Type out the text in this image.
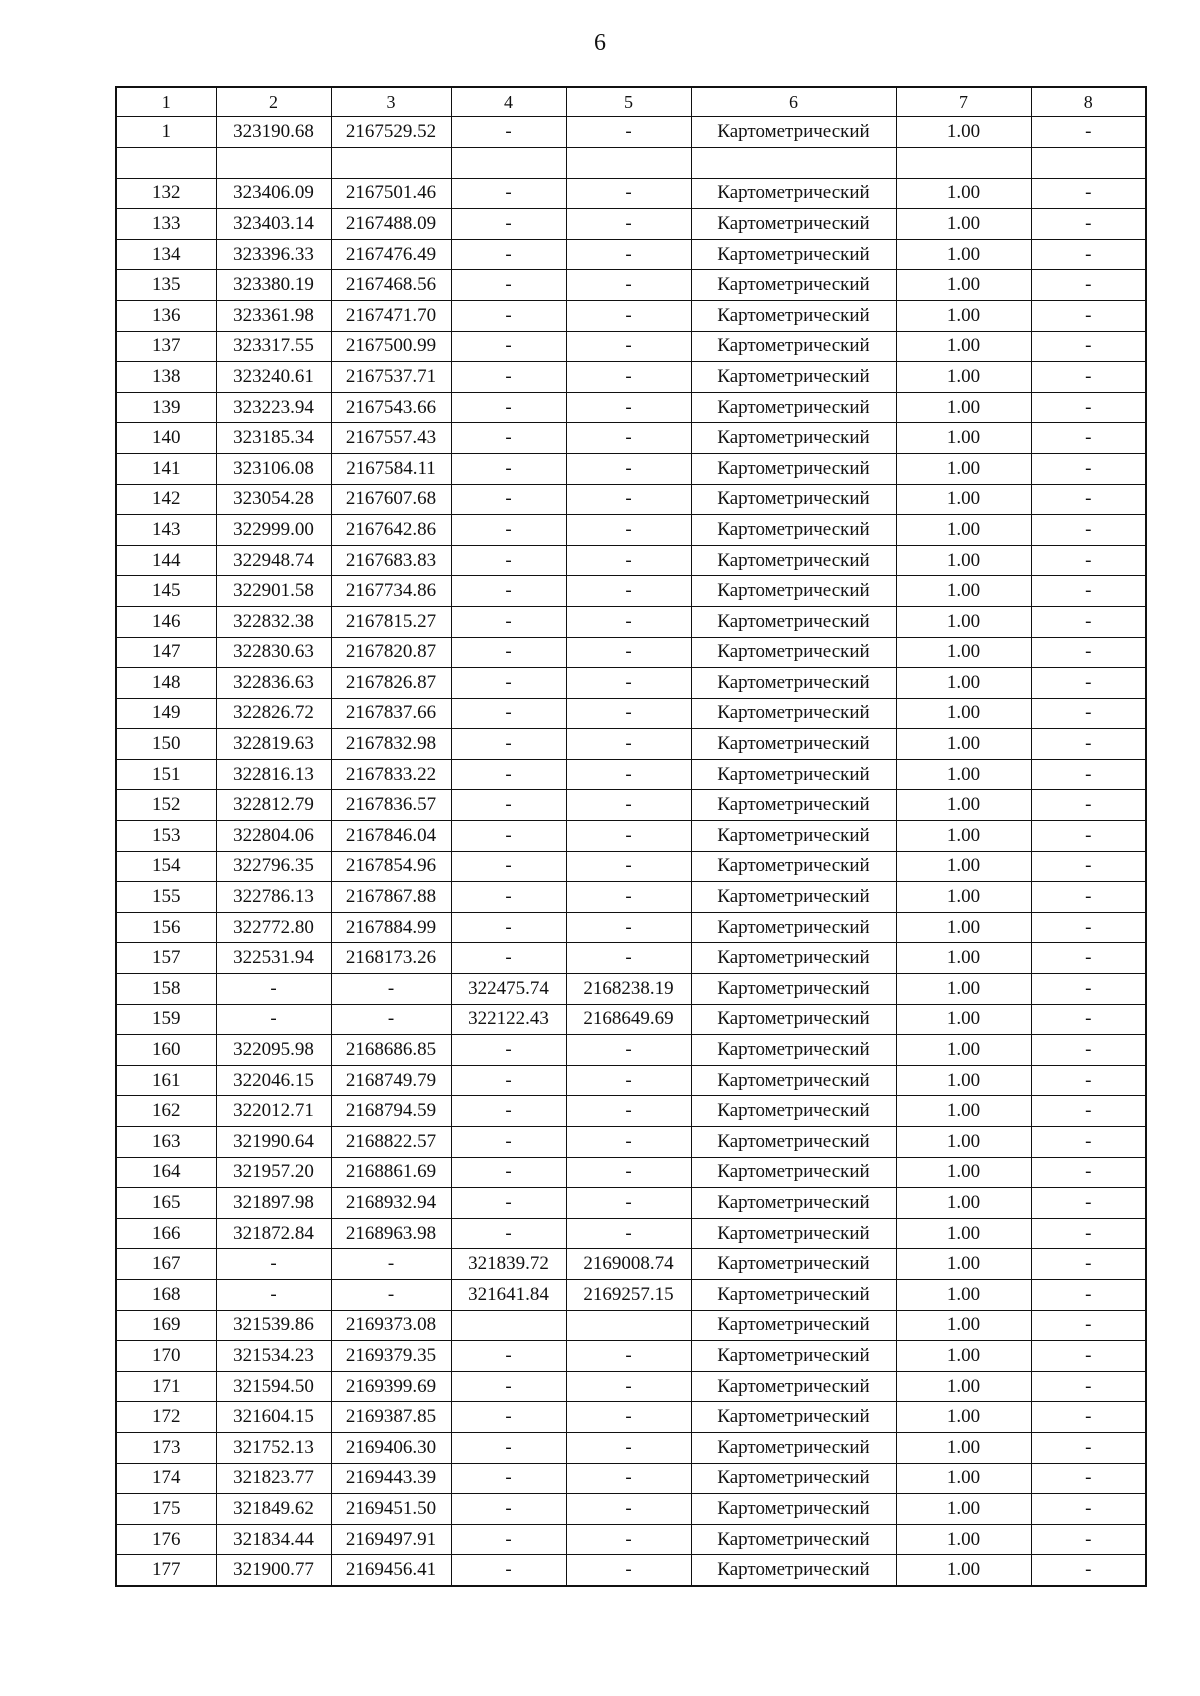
6
1	2	3	4	5	6	7	8
1	323190.68	2167529.52	-	-	Картометрический	1.00	-

132	323406.09	2167501.46	-	-	Картометрический	1.00	-
133	323403.14	2167488.09	-	-	Картометрический	1.00	-
134	323396.33	2167476.49	-	-	Картометрический	1.00	-
135	323380.19	2167468.56	-	-	Картометрический	1.00	-
136	323361.98	2167471.70	-	-	Картометрический	1.00	-
137	323317.55	2167500.99	-	-	Картометрический	1.00	-
138	323240.61	2167537.71	-	-	Картометрический	1.00	-
139	323223.94	2167543.66	-	-	Картометрический	1.00	-
140	323185.34	2167557.43	-	-	Картометрический	1.00	-
141	323106.08	2167584.11	-	-	Картометрический	1.00	-
142	323054.28	2167607.68	-	-	Картометрический	1.00	-
143	322999.00	2167642.86	-	-	Картометрический	1.00	-
144	322948.74	2167683.83	-	-	Картометрический	1.00	-
145	322901.58	2167734.86	-	-	Картометрический	1.00	-
146	322832.38	2167815.27	-	-	Картометрический	1.00	-
147	322830.63	2167820.87	-	-	Картометрический	1.00	-
148	322836.63	2167826.87	-	-	Картометрический	1.00	-
149	322826.72	2167837.66	-	-	Картометрический	1.00	-
150	322819.63	2167832.98	-	-	Картометрический	1.00	-
151	322816.13	2167833.22	-	-	Картометрический	1.00	-
152	322812.79	2167836.57	-	-	Картометрический	1.00	-
153	322804.06	2167846.04	-	-	Картометрический	1.00	-
154	322796.35	2167854.96	-	-	Картометрический	1.00	-
155	322786.13	2167867.88	-	-	Картометрический	1.00	-
156	322772.80	2167884.99	-	-	Картометрический	1.00	-
157	322531.94	2168173.26	-	-	Картометрический	1.00	-
158	-	-	322475.74	2168238.19	Картометрический	1.00	-
159	-	-	322122.43	2168649.69	Картометрический	1.00	-
160	322095.98	2168686.85	-	-	Картометрический	1.00	-
161	322046.15	2168749.79	-	-	Картометрический	1.00	-
162	322012.71	2168794.59	-	-	Картометрический	1.00	-
163	321990.64	2168822.57	-	-	Картометрический	1.00	-
164	321957.20	2168861.69	-	-	Картометрический	1.00	-
165	321897.98	2168932.94	-	-	Картометрический	1.00	-
166	321872.84	2168963.98	-	-	Картометрический	1.00	-
167	-	-	321839.72	2169008.74	Картометрический	1.00	-
168	-	-	321641.84	2169257.15	Картометрический	1.00	-
169	321539.86	2169373.08			Картометрический	1.00	-
170	321534.23	2169379.35	-	-	Картометрический	1.00	-
171	321594.50	2169399.69	-	-	Картометрический	1.00	-
172	321604.15	2169387.85	-	-	Картометрический	1.00	-
173	321752.13	2169406.30	-	-	Картометрический	1.00	-
174	321823.77	2169443.39	-	-	Картометрический	1.00	-
175	321849.62	2169451.50	-	-	Картометрический	1.00	-
176	321834.44	2169497.91	-	-	Картометрический	1.00	-
177	321900.77	2169456.41	-	-	Картометрический	1.00	-
